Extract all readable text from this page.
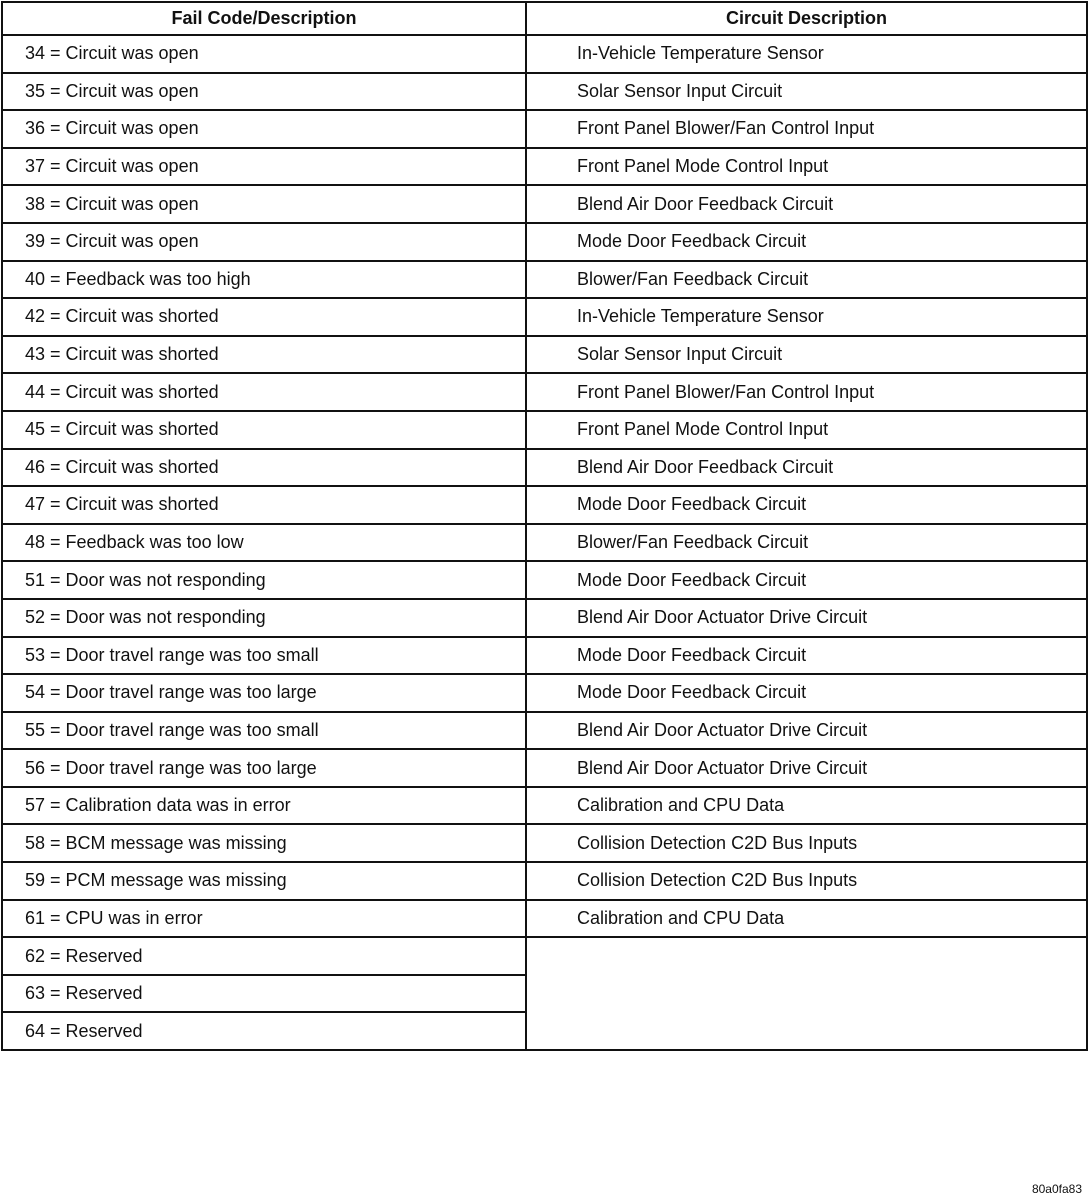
Fail Code/Description	Circuit Description
34 = Circuit was open	In-Vehicle Temperature Sensor
35 = Circuit was open	Solar Sensor Input Circuit
36 = Circuit was open	Front Panel Blower/Fan Control Input
37 = Circuit was open	Front Panel Mode Control Input
38 = Circuit was open	Blend Air Door Feedback Circuit
39 = Circuit was open	Mode Door Feedback Circuit
40 = Feedback was too high	Blower/Fan Feedback Circuit
42 = Circuit was shorted	In-Vehicle Temperature Sensor
43 = Circuit was shorted	Solar Sensor Input Circuit
44 = Circuit was shorted	Front Panel Blower/Fan Control Input
45 = Circuit was shorted	Front Panel Mode Control Input
46 = Circuit was shorted	Blend Air Door Feedback Circuit
47 = Circuit was shorted	Mode Door Feedback Circuit
48 = Feedback was too low	Blower/Fan Feedback Circuit
51 = Door was not responding	Mode Door Feedback Circuit
52 = Door was not responding	Blend Air Door Actuator Drive Circuit
53 = Door travel range was too small	Mode Door Feedback Circuit
54 = Door travel range was too large	Mode Door Feedback Circuit
55 = Door travel range was too small	Blend Air Door Actuator Drive Circuit
56 = Door travel range was too large	Blend Air Door Actuator Drive Circuit
57 = Calibration data was in error	Calibration and CPU Data
58 = BCM message was missing	Collision Detection C2D Bus Inputs
59 = PCM message was missing	Collision Detection C2D Bus Inputs
61 = CPU was in error	Calibration and CPU Data
62 = Reserved	
63 = Reserved	
64 = Reserved	
80a0fa83
